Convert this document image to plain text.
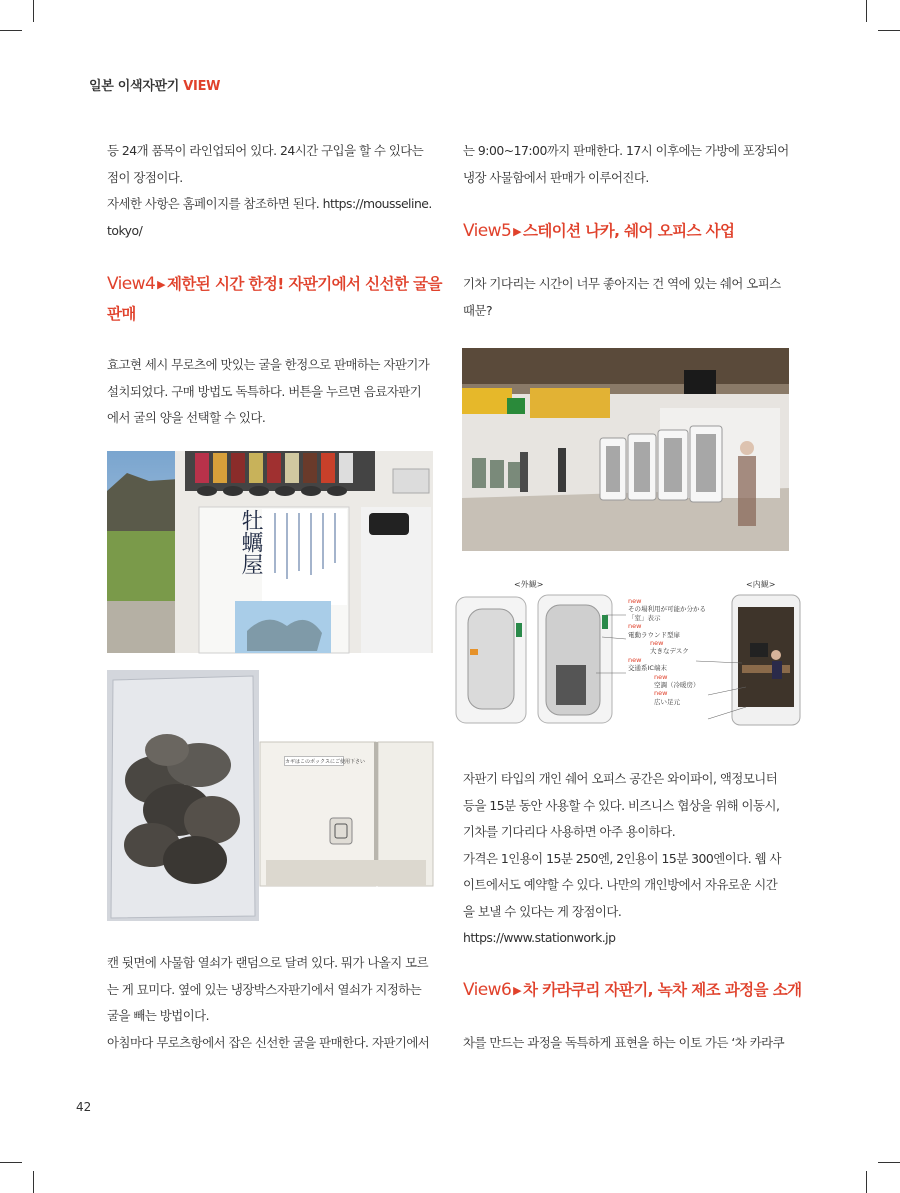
일본 이색자판기 VIEW
등 24개 품목이 라인업되어 있다. 24시간 구입을 할 수 있다는
점이 장점이다.
자세한 사항은 홈페이지를 참조하면 된다. https://mousseline.
tokyo/
View4 ▶ 제한된 시간 한정! 자판기에서 신선한 굴을
판매
효고현 세시 무로츠에 맛있는 굴을 한정으로 판매하는 자판기가
설치되었다. 구매 방법도 독특하다. 버튼을 누르면 음료자판기
에서 굴의 양을 선택할 수 있다.
牡蠣屋
カギはこのボックスにご使用下さい
캔 뒷면에 사물함 열쇠가 랜덤으로 달려 있다. 뭐가 나올지 모르
는 게 묘미다. 옆에 있는 냉장박스자판기에서 열쇠가 지정하는
굴을 빼는 방법이다.
아침마다 무로츠항에서 잡은 신선한 굴을 판매한다. 자판기에서
는 9:00~17:00까지 판매한다. 17시 이후에는 가방에 포장되어
냉장 사물함에서 판매가 이루어진다.
View5 ▶ 스테이션 나카, 쉐어 오피스 사업
기차 기다리는 시간이 너무 좋아지는 건 역에 있는 쉐어 오피스
때문?
<外観>	<内観>
new
その場利用が可能か分かる
「室」表示
new
電動ラウンド型扉
new
大きなデスク
new
交通系IC端末
new
空調（冷暖房）
new
広い足元
자판기 타입의 개인 쉐어 오피스 공간은 와이파이, 액정모니터
등을 15분 동안 사용할 수 있다. 비즈니스 협상을 위해 이동시,
기차를 기다리다 사용하면 아주 용이하다.
가격은 1인용이 15분 250엔, 2인용이 15분 300엔이다. 웹 사
이트에서도 예약할 수 있다. 나만의 개인방에서 자유로운 시간
을 보낼 수 있다는 게 장점이다.
https://www.stationwork.jp
View6 ▶ 차 카라쿠리 자판기, 녹차 제조 과정을 소개
차를 만드는 과정을 독특하게 표현을 하는 이토 가든 ‘차 카라쿠
42
